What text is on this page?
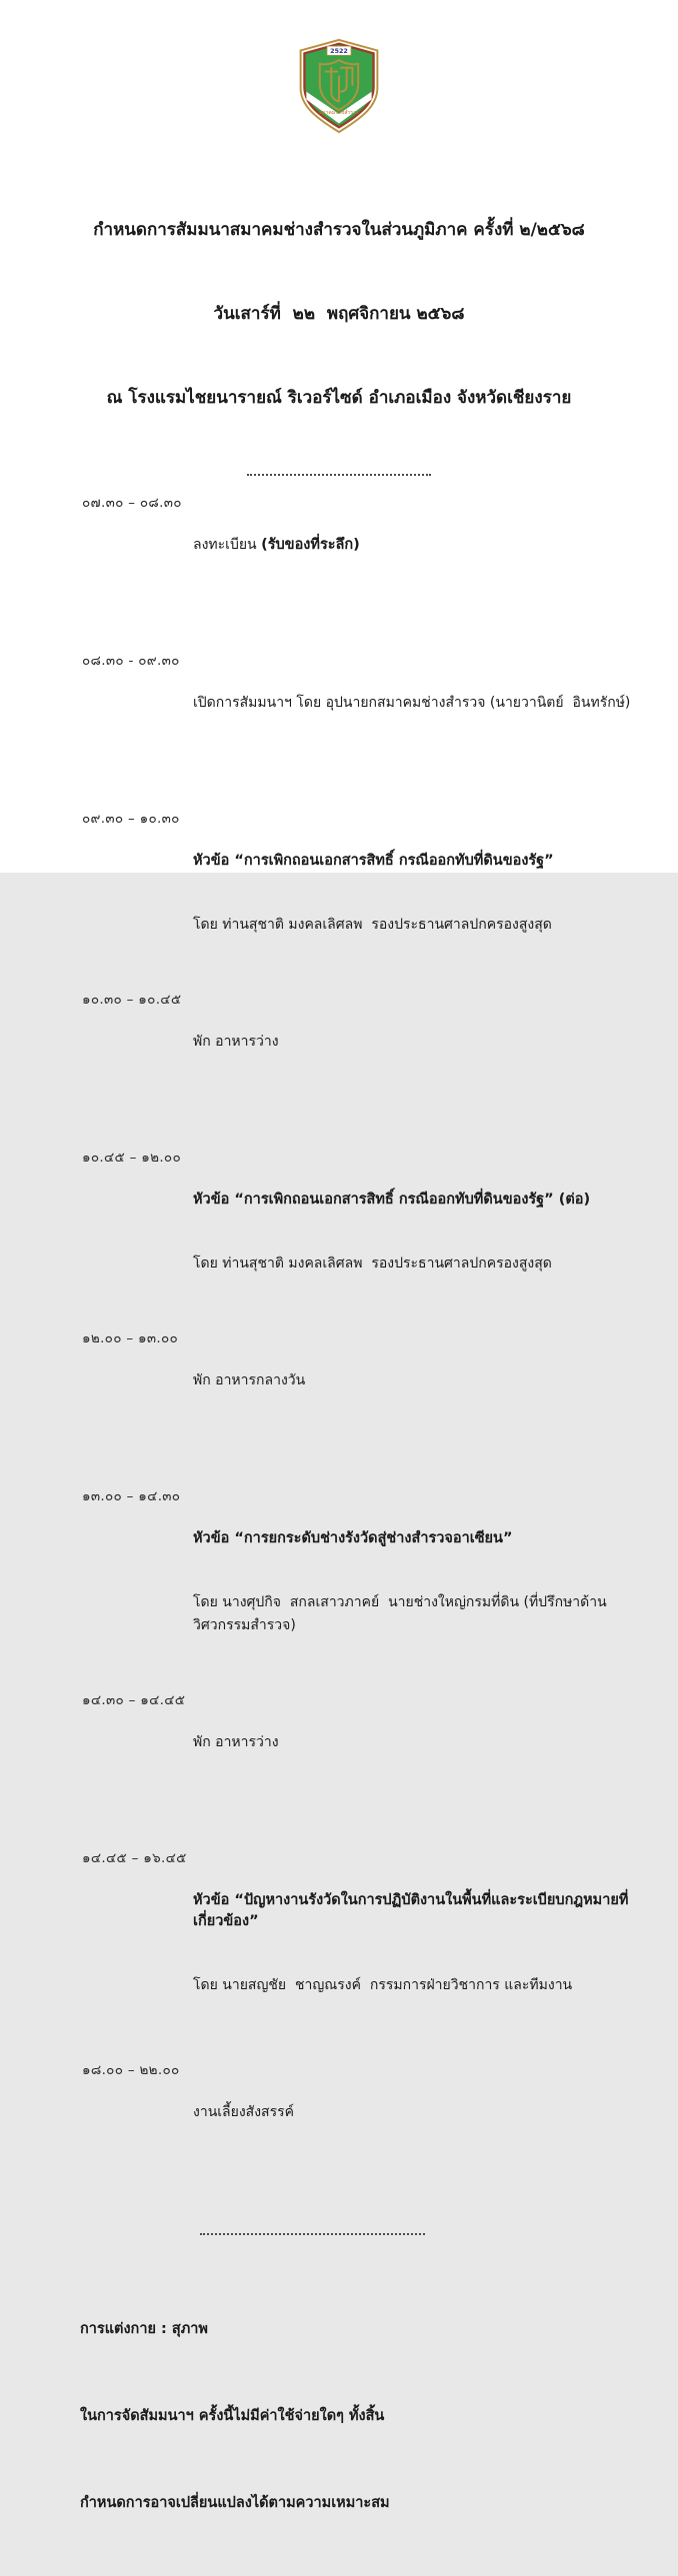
สมาคมช่างสำรวจ
2522

กำหนดการสัมมนาสมาคมช่างสำรวจในส่วนภูมิภาค ครั้งที่ ๒/๒๕๖๘

วันเสาร์ที่  ๒๒  พฤศจิกายน ๒๕๖๘

ณ โรงแรมไชยนารายณ์ ริเวอร์ไซด์ อำเภอเมือง จังหวัดเชียงราย

๐๗.๓๐ – ๐๘.๓๐

ลงทะเบียน (รับของที่ระลึก)

๐๘.๓๐ - ๐๙.๓๐

เปิดการสัมมนาฯ โดย อุปนายกสมาคมช่างสำรวจ (นายวานิตย์  อินทรักษ์)

๐๙.๓๐ – ๑๐.๓๐

หัวข้อ “การเพิกถอนเอกสารสิทธิ์ กรณีออกทับที่ดินของรัฐ”

โดย ท่านสุชาติ มงคลเลิศลพ  รองประธานศาลปกครองสูงสุด

๑๐.๓๐ – ๑๐.๔๕

พัก อาหารว่าง

๑๐.๔๕ – ๑๒.๐๐

หัวข้อ “การเพิกถอนเอกสารสิทธิ์ กรณีออกทับที่ดินของรัฐ” (ต่อ)

โดย ท่านสุชาติ มงคลเลิศลพ  รองประธานศาลปกครองสูงสุด

๑๒.๐๐ – ๑๓.๐๐

พัก อาหารกลางวัน

๑๓.๐๐ – ๑๔.๓๐

หัวข้อ “การยกระดับช่างรังวัดสู่ช่างสำรวจอาเซียน”

โดย นางศุปกิจ  สกลเสาวภาคย์  นายช่างใหญ่กรมที่ดิน (ที่ปรึกษาด้านวิศวกรรมสำรวจ)

๑๔.๓๐ – ๑๔.๔๕

พัก อาหารว่าง

๑๔.๔๕ – ๑๖.๔๕

หัวข้อ “ปัญหางานรังวัดในการปฏิบัติงานในพื้นที่และระเบียบกฎหมายที่เกี่ยวข้อง”

โดย นายสญชัย  ชาญณรงค์  กรรมการฝ่ายวิชาการ และทีมงาน

๑๘.๐๐ – ๒๒.๐๐

งานเลี้ยงสังสรรค์

การแต่งกาย : สุภาพ

ในการจัดสัมมนาฯ ครั้งนี้ไม่มีค่าใช้จ่ายใดๆ ทั้งสิ้น

กำหนดการอาจเปลี่ยนแปลงได้ตามความเหมาะสม
